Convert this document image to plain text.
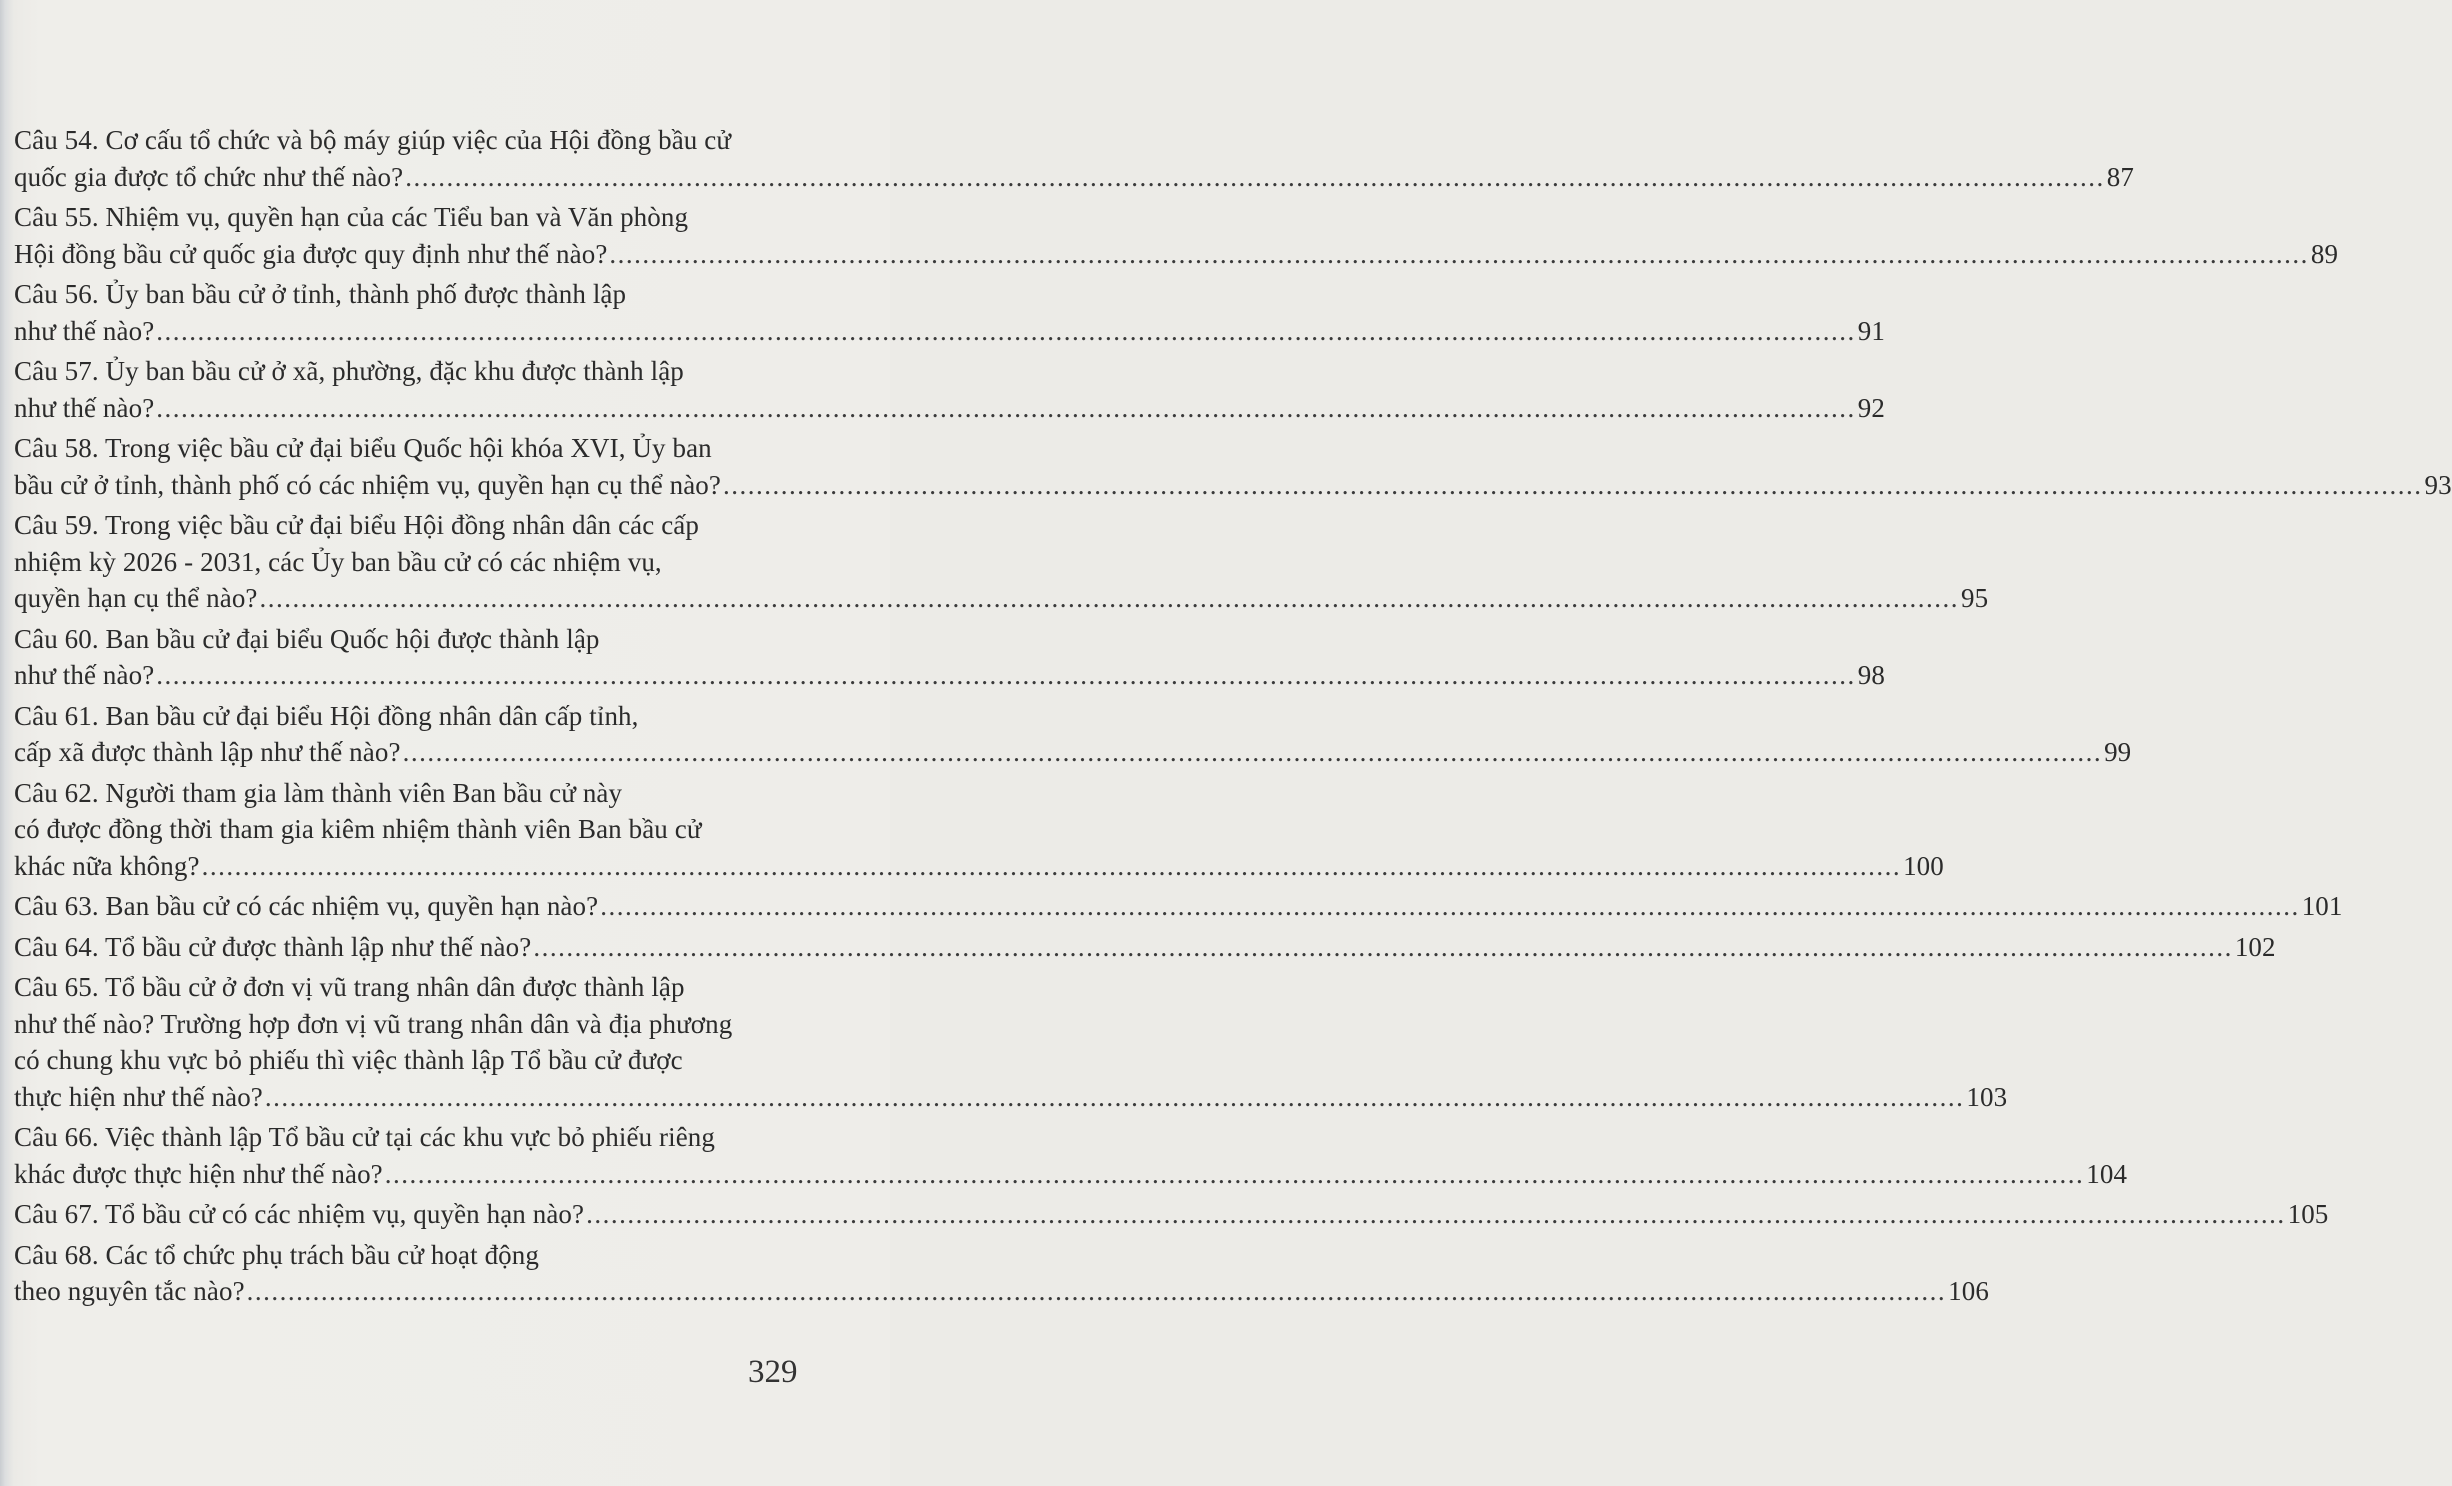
Câu 54. Cơ cấu tổ chức và bộ máy giúp việc của Hội đồng bầu cử
quốc gia được tổ chức như thế nào? .....	87
Câu 55. Nhiệm vụ, quyền hạn của các Tiểu ban và Văn phòng
Hội đồng bầu cử quốc gia được quy định như thế nào? .....	89
Câu 56. Ủy ban bầu cử ở tỉnh, thành phố được thành lập
như thế nào? .....	91
Câu 57. Ủy ban bầu cử ở xã, phường, đặc khu được thành lập
như thế nào? .....	92
Câu 58. Trong việc bầu cử đại biểu Quốc hội khóa XVI, Ủy ban
bầu cử ở tỉnh, thành phố có các nhiệm vụ, quyền hạn cụ thể nào? .....	93
Câu 59. Trong việc bầu cử đại biểu Hội đồng nhân dân các cấp
nhiệm kỳ 2026 - 2031, các Ủy ban bầu cử có các nhiệm vụ,
quyền hạn cụ thể nào? .....	95
Câu 60. Ban bầu cử đại biểu Quốc hội được thành lập
như thế nào? .....	98
Câu 61. Ban bầu cử đại biểu Hội đồng nhân dân cấp tỉnh,
cấp xã được thành lập như thế nào? .....	99
Câu 62. Người tham gia làm thành viên Ban bầu cử này
có được đồng thời tham gia kiêm nhiệm thành viên Ban bầu cử
khác nữa không? .....	100
Câu 63. Ban bầu cử có các nhiệm vụ, quyền hạn nào? .....	101
Câu 64. Tổ bầu cử được thành lập như thế nào? .....	102
Câu 65. Tổ bầu cử ở đơn vị vũ trang nhân dân được thành lập
như thế nào? Trường hợp đơn vị vũ trang nhân dân và địa phương
có chung khu vực bỏ phiếu thì việc thành lập Tổ bầu cử được
thực hiện như thế nào? .....	103
Câu 66. Việc thành lập Tổ bầu cử tại các khu vực bỏ phiếu riêng
khác được thực hiện như thế nào? .....	104
Câu 67. Tổ bầu cử có các nhiệm vụ, quyền hạn nào? .....	105
Câu 68. Các tổ chức phụ trách bầu cử hoạt động
theo nguyên tắc nào? .....	106
329
